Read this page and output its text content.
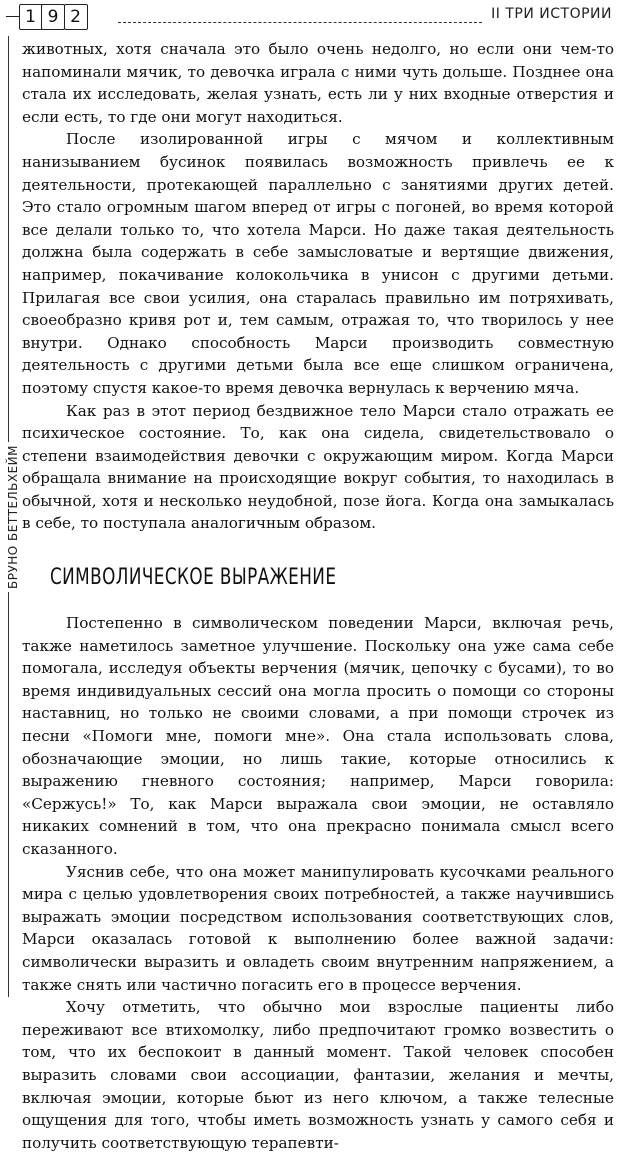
1 9 2	II ТРИ ИСТОРИИ
БРУНО БЕТТЕЛЬХЕЙМ

животных, хотя сначала это было очень недолго, но если они чем-то напоминали мячик, то девочка играла с ними чуть дольше. Позднее она стала их исследовать, желая узнать, есть ли у них входные отверстия и если есть, то где они могут находиться.

После изолированной игры с мячом и коллективным нанизыванием бусинок появилась возможность привлечь ее к деятельности, протекающей параллельно с занятиями других детей. Это стало огромным шагом вперед от игры с погоней, во время которой все делали только то, что хотела Марси. Но даже такая деятельность должна была содержать в себе замысловатые и вертящие движения, например, покачивание колокольчика в унисон с другими детьми. Прилагая все свои усилия, она старалась правильно им потряхивать, своеобразно кривя рот и, тем самым, отражая то, что творилось у нее внутри. Однако способность Марси производить совместную деятельность с другими детьми была все еще слишком ограничена, поэтому спустя какое-то время девочка вернулась к верчению мяча.

Как раз в этот период бездвижное тело Марси стало отражать ее психическое состояние. То, как она сидела, свидетельствовало о степени взаимодействия девочки с окружающим миром. Когда Марси обращала внимание на происходящие вокруг события, то находилась в обычной, хотя и несколько неудобной, позе йога. Когда она замыкалась в себе, то поступала аналогичным образом.

СИМВОЛИЧЕСКОЕ ВЫРАЖЕНИЕ

Постепенно в символическом поведении Марси, включая речь, также наметилось заметное улучшение. Поскольку она уже сама себе помогала, исследуя объекты верчения (мячик, цепочку с бусами), то во время индивидуальных сессий она могла просить о помощи со стороны наставниц, но только не своими словами, а при помощи строчек из песни «Помоги мне, помоги мне». Она стала использовать слова, обозначающие эмоции, но лишь такие, которые относились к выражению гневного состояния; например, Марси говорила: «Сержусь!» То, как Марси выражала свои эмоции, не оставляло никаких сомнений в том, что она прекрасно понимала смысл всего сказанного.

Уяснив себе, что она может манипулировать кусочками реального мира с целью удовлетворения своих потребностей, а также научившись выражать эмоции посредством использования соответствующих слов, Марси оказалась готовой к выполнению более важной задачи: символически выразить и овладеть своим внутренним напряжением, а также снять или частично погасить его в процессе верчения.

Хочу отметить, что обычно мои взрослые пациенты либо переживают все втихомолку, либо предпочитают громко возвестить о том, что их беспокоит в данный момент. Такой человек способен выразить словами свои ассоциации, фантазии, желания и мечты, включая эмоции, которые бьют из него ключом, а также телесные ощущения для того, чтобы иметь возможность узнать у самого себя и получить соответствующую терапевти-
